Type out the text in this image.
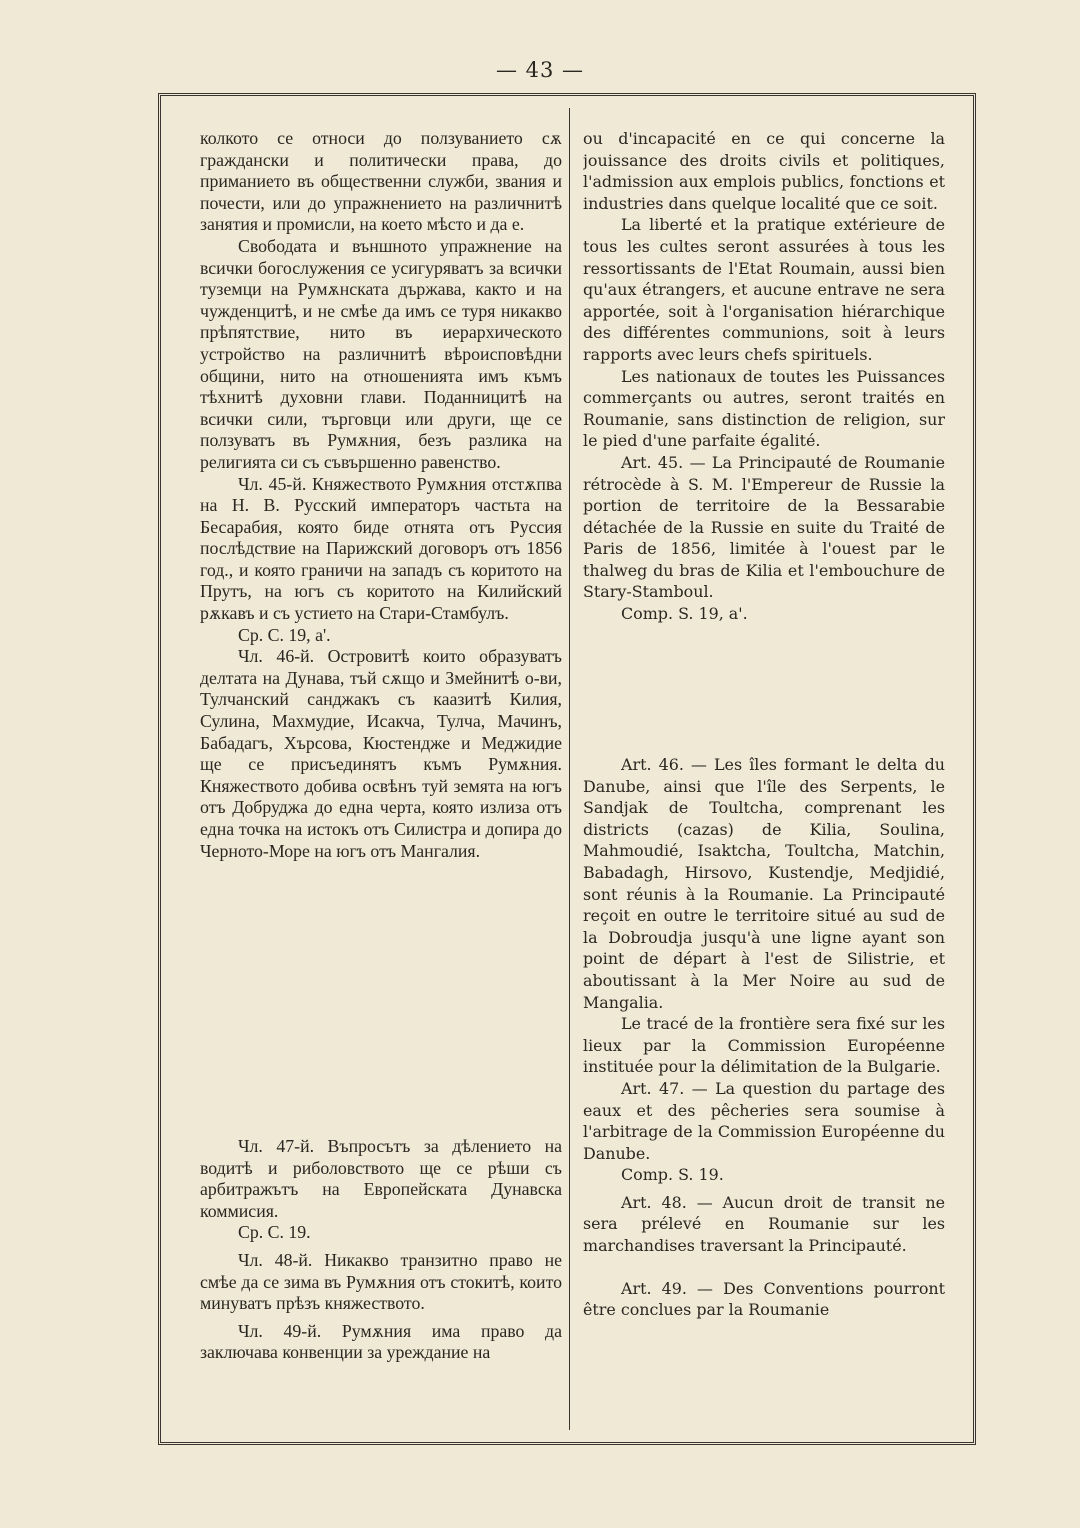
— 43 —

колкото се относи до ползуванието сѫ граждански и политически права, до приманието въ общественни служби, звания и почести, или до упражнението на различнитѣ занятия и промисли, на което мѣсто и да е.

Свободата и външното упражнение на всички богослужения се усигуряватъ за всички туземци на Румѫнската държава, както и на чужденцитѣ, и не смѣе да имъ се туря никакво прѣпятствие, нито въ иерархическото устройство на различнитѣ вѣроисповѣдни общини, нито на отношенията имъ къмъ тѣхнитѣ духовни глави. Поданницитѣ на всички сили, търговци или други, ще се ползуватъ въ Румѫния, безъ разлика на религията си съ съвършенно равенство.

Чл. 45-й. Княжеството Румѫния отстѫпва на Н. В. Русский императоръ частьта на Бесарабия, която биде отнята отъ Руссия послѣдствие на Парижский договоръ отъ 1856 год., и която граничи на западъ съ коритото на Прутъ, на югъ съ коритото на Килийский рѫкавъ и съ устието на Стари-Стамбулъ.

Ср. С. 19, а'.

Чл. 46-й. Островитѣ които образуватъ делтата на Дунава, тъй сѫщо и Змейнитѣ о-ви, Тулчанский санджакъ съ каазитѣ Килия, Сулина, Махмудие, Исакча, Тулча, Мачинъ, Бабадагъ, Хърсова, Кюстендже и Меджидие ще се присъединятъ къмъ Румѫния. Княжеството добива освѣнъ туй земята на югъ отъ Добруджа до една черта, която излиза отъ една точка на истокъ отъ Силистра и допира до Черното-Море на югъ отъ Мангалия.

Чл. 47-й. Въпросътъ за дѣлението на водитѣ и риболовството ще се рѣши съ арбитражътъ на Европейската Дунавска коммисия.

Ср. С. 19.

Чл. 48-й. Никакво транзитно право не смѣе да се зима въ Румѫния отъ стокитѣ, които минуватъ прѣзъ княжеството.

Чл. 49-й. Румѫния има право да заключава конвенции за уреждание на

ou d'incapacité en ce qui concerne la jouissance des droits civils et politiques, l'admission aux emplois publics, fonctions et industries dans quelque localité que ce soit.

La liberté et la pratique extérieure de tous les cultes seront assurées à tous les ressortissants de l'Etat Roumain, aussi bien qu'aux étrangers, et aucune entrave ne sera apportée, soit à l'organisation hiérarchique des différentes communions, soit à leurs rapports avec leurs chefs spirituels.

Les nationaux de toutes les Puissances commerçants ou autres, seront traités en Roumanie, sans distinction de religion, sur le pied d'une parfaite égalité.

Art. 45. — La Principauté de Roumanie rétrocède à S. M. l'Empereur de Russie la portion de territoire de la Bessarabie détachée de la Russie en suite du Traité de Paris de 1856, limitée à l'ouest par le thalweg du bras de Kilia et l'embouchure de Stary-Stamboul.

Comp. S. 19, a'.

Art. 46. — Les îles formant le delta du Danube, ainsi que l'île des Serpents, le Sandjak de Toultcha, comprenant les districts (cazas) de Kilia, Soulina, Mahmoudié, Isaktcha, Toultcha, Matchin, Babadagh, Hirsovo, Kustendje, Medjidié, sont réunis à la Roumanie. La Principauté reçoit en outre le territoire situé au sud de la Dobroudja jusqu'à une ligne ayant son point de départ à l'est de Silistrie, et aboutissant à la Mer Noire au sud de Mangalia.

Le tracé de la frontière sera fixé sur les lieux par la Commission Européenne instituée pour la délimitation de la Bulgarie.

Art. 47. — La question du partage des eaux et des pêcheries sera soumise à l'arbitrage de la Commission Européenne du Danube.

Comp. S. 19.

Art. 48. — Aucun droit de transit ne sera prélevé en Roumanie sur les marchandises traversant la Principauté.

Art. 49. — Des Conventions pourront être conclues par la Roumanie
